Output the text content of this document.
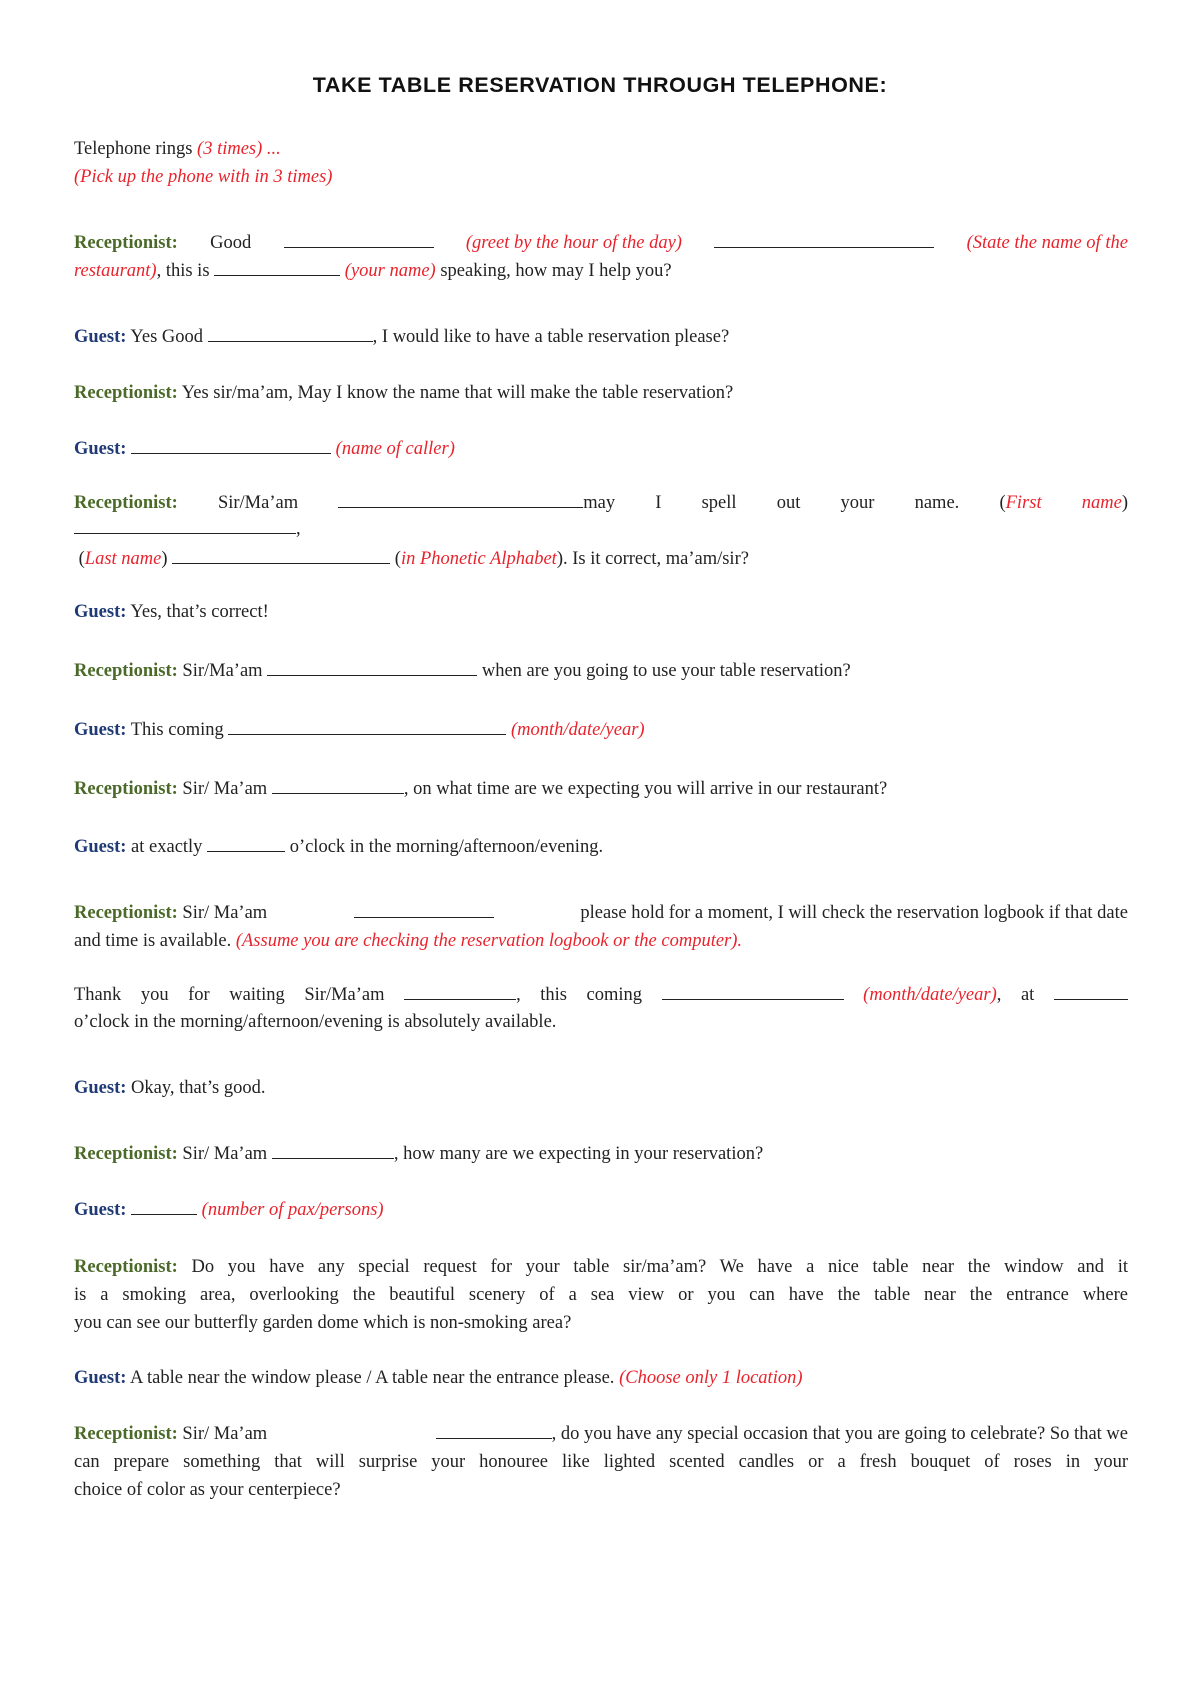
TAKE TABLE RESERVATION THROUGH TELEPHONE:

Telephone rings (3 times) ...

(Pick up the phone with in 3 times)

Receptionist: Good	(greet by the hour of the day)	(State the name of the

restaurant), this is	(your name) speaking, how may I help you?

Guest: Yes Good	, I would like to have a table reservation please?

Receptionist: Yes sir/ma’am, May I know the name that will make the table reservation?

Guest:	(name of caller)

Receptionist: Sir/Ma’am	may I spell out your name. (First name)

,

(Last name)	(in Phonetic Alphabet). Is it correct, ma’am/sir?

Guest: Yes, that’s correct!

Receptionist: Sir/Ma’am	when are you going to use your table reservation?

Guest: This coming	(month/date/year)

Receptionist: Sir/ Ma’am	, on what time are we expecting you will arrive in our restaurant?

Guest: at exactly	o’clock in the morning/afternoon/evening.

Receptionist: Sir/ Ma’am	please hold for a moment, I will check the reservation logbook if that date

and time is available. (Assume you are checking the reservation logbook or the computer).

Thank you for waiting Sir/Ma’am	, this coming	(month/date/year), at

o’clock in the morning/afternoon/evening is absolutely available.

Guest: Okay, that’s good.

Receptionist: Sir/ Ma’am	, how many are we expecting in your reservation?

Guest:	(number of pax/persons)

Receptionist: Do you have any special request for your table sir/ma’am? We have a nice table near the window and it

is a smoking area, overlooking the beautiful scenery of a sea view or you can have the table near the entrance where

you can see our butterfly garden dome which is non-smoking area?

Guest: A table near the window please / A table near the entrance please. (Choose only 1 location)

Receptionist: Sir/ Ma’am	, do you have any special occasion that you are going to celebrate? So that we

can prepare something that will surprise your honouree like lighted scented candles or a fresh bouquet of roses in your

choice of color as your centerpiece?
